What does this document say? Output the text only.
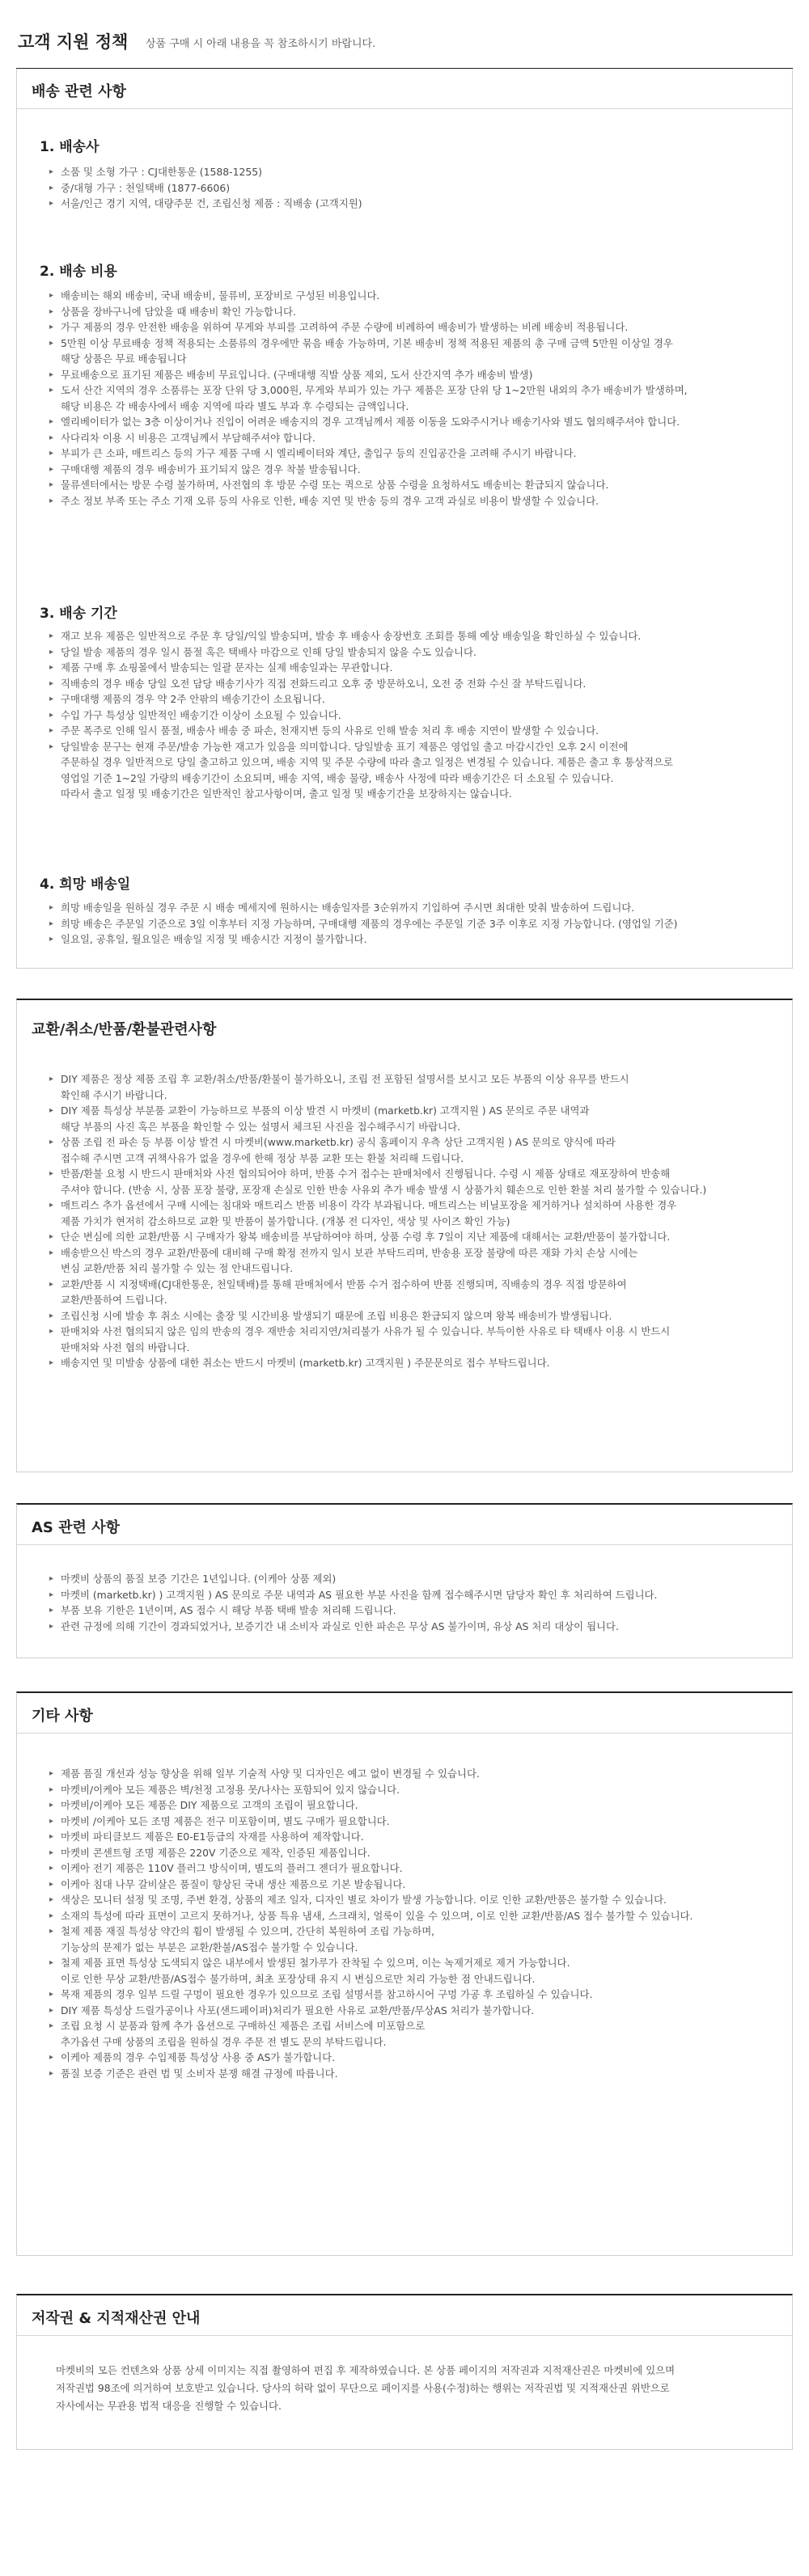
고객 지원 정책 상품 구매 시 아래 내용을 꼭 참조하시기 바랍니다.
배송 관련 사항
1. 배송사
▸ 소품 및 소형 가구 : CJ대한통운 (1588-1255)
▸ 중/대형 가구 : 천일택배 (1877-6606)
▸ 서울/인근 경기 지역, 대량주문 건, 조립신청 제품 : 직배송 (고객지원)
2. 배송 비용
▸ 배송비는 해외 배송비, 국내 배송비, 물류비, 포장비로 구성된 비용입니다.
▸ 상품을 장바구니에 담았을 때 배송비 확인 가능합니다.
▸ 가구 제품의 경우 안전한 배송을 위하여 무게와 부피를 고려하여 주문 수량에 비례하여 배송비가 발생하는 비례 배송비 적용됩니다.
▸ 5만원 이상 무료배송 정책 적용되는 소품류의 경우에만 묶음 배송 가능하며, 기본 배송비 정책 적용된 제품의 총 구매 금액 5만원 이상일 경우
해당 상품은 무료 배송됩니다
▸ 무료배송으로 표기된 제품은 배송비 무료입니다. (구매대행 직발 상품 제외, 도서 산간지역 추가 배송비 발생)
▸ 도서 산간 지역의 경우 소품류는 포장 단위 당 3,000원, 무게와 부피가 있는 가구 제품은 포장 단위 당 1~2만원 내외의 추가 배송비가 발생하며,
해당 비용은 각 배송사에서 배송 지역에 따라 별도 부과 후 수령되는 금액입니다.
▸ 엘리베이터가 없는 3층 이상이거나 진입이 어려운 배송지의 경우 고객님께서 제품 이동을 도와주시거나 배송기사와 별도 협의해주셔야 합니다.
▸ 사다리차 이용 시 비용은 고객님께서 부담해주셔야 합니다.
▸ 부피가 큰 소파, 매트리스 등의 가구 제품 구매 시 엘리베이터와 계단, 출입구 등의 진입공간을 고려해 주시기 바랍니다.
▸ 구매대행 제품의 경우 배송비가 표기되지 않은 경우 착불 발송됩니다.
▸ 물류센터에서는 방문 수령 불가하며, 사전협의 후 방문 수령 또는 퀵으로 상품 수령을 요청하셔도 배송비는 환급되지 않습니다.
▸ 주소 정보 부족 또는 주소 기재 오류 등의 사유로 인한, 배송 지연 및 반송 등의 경우 고객 과실로 비용이 발생할 수 있습니다.
3. 배송 기간
▸ 재고 보유 제품은 일반적으로 주문 후 당일/익일 발송되며, 발송 후 배송사 송장번호 조회를 통해 예상 배송일을 확인하실 수 있습니다.
▸ 당일 발송 제품의 경우 일시 품절 혹은 택배사 마감으로 인해 당일 발송되지 않을 수도 있습니다.
▸ 제품 구매 후 쇼핑몰에서 발송되는 일괄 문자는 실제 배송일과는 무관합니다.
▸ 직배송의 경우 배송 당일 오전 담당 배송기사가 직접 전화드리고 오후 중 방문하오니, 오전 중 전화 수신 잘 부탁드립니다.
▸ 구매대행 제품의 경우 약 2주 안팎의 배송기간이 소요됩니다.
▸ 수입 가구 특성상 일반적인 배송기간 이상이 소요될 수 있습니다.
▸ 주문 폭주로 인해 일시 품절, 배송사 배송 중 파손, 천재지변 등의 사유로 인해 발송 처리 후 배송 지연이 발생할 수 있습니다.
▸ 당일발송 문구는 현재 주문/발송 가능한 재고가 있음을 의미합니다. 당일발송 표기 제품은 영업일 출고 마감시간인 오후 2시 이전에
주문하실 경우 일반적으로 당일 출고하고 있으며, 배송 지역 및 주문 수량에 따라 출고 일정은 변경될 수 있습니다. 제품은 출고 후 통상적으로
영업일 기준 1~2일 가량의 배송기간이 소요되며, 배송 지역, 배송 물량, 배송사 사정에 따라 배송기간은 더 소요될 수 있습니다.
따라서 출고 일정 및 배송기간은 일반적인 참고사항이며, 출고 일정 및 배송기간을 보장하지는 않습니다.
4. 희망 배송일
▸ 희망 배송일을 원하실 경우 주문 시 배송 메세지에 원하시는 배송일자를 3순위까지 기입하여 주시면 최대한 맞춰 발송하여 드립니다.
▸ 희망 배송은 주문일 기준으로 3일 이후부터 지정 가능하며, 구매대행 제품의 경우에는 주문일 기준 3주 이후로 지정 가능합니다. (영업일 기준)
▸ 일요일, 공휴일, 월요일은 배송일 지정 및 배송시간 지정이 불가합니다.
교환/취소/반품/환불관련사항
▸ DIY 제품은 정상 제품 조립 후 교환/취소/반품/환불이 불가하오니, 조립 전 포함된 설명서를 보시고 모든 부품의 이상 유무를 반드시
확인해 주시기 바랍니다.
▸ DIY 제품 특성상 부분품 교환이 가능하므로 부품의 이상 발견 시 마켓비 (marketb.kr) 고객지원 ) AS 문의로 주문 내역과
해당 부품의 사진 혹은 부품을 확인할 수 있는 설명서 체크된 사진을 접수해주시기 바랍니다.
▸ 상품 조립 전 파손 등 부품 이상 발견 시 마켓비(www.marketb.kr) 공식 홈페이지 우측 상단 고객지원 ) AS 문의로 양식에 따라
접수해 주시면 고객 귀책사유가 없을 경우에 한해 정상 부품 교환 또는 환불 처리해 드립니다.
▸ 반품/환불 요청 시 반드시 판매처와 사전 협의되어야 하며, 반품 수거 접수는 판매처에서 진행됩니다. 수령 시 제품 상태로 재포장하여 반송해
주셔야 합니다. (반송 시, 상품 포장 불량, 포장재 손실로 인한 반송 사유외 추가 배송 발생 시 상품가치 훼손으로 인한 환불 처리 불가할 수 있습니다.)
▸ 매트리스 추가 옵션에서 구매 시에는 침대와 매트리스 반품 비용이 각각 부과됩니다. 매트리스는 비닐포장을 제거하거나 설치하여 사용한 경우
제품 가치가 현저히 감소하므로 교환 및 반품이 불가합니다. (개봉 전 디자인, 색상 및 사이즈 확인 가능)
▸ 단순 변심에 의한 교환/반품 시 구매자가 왕복 배송비를 부담하여야 하며, 상품 수령 후 7일이 지난 제품에 대해서는 교환/반품이 불가합니다.
▸ 배송받으신 박스의 경우 교환/반품에 대비해 구매 확정 전까지 일시 보관 부탁드리며, 반송용 포장 불량에 따른 재화 가치 손상 시에는
변심 교환/반품 처리 불가할 수 있는 점 안내드립니다.
▸ 교환/반품 시 지정택배(CJ대한통운, 천일택배)를 통해 판매처에서 반품 수거 접수하여 반품 진행되며, 직배송의 경우 직접 방문하여
교환/반품하여 드립니다.
▸ 조립신청 시에 발송 후 취소 시에는 출장 및 시간비용 발생되기 때문에 조립 비용은 환급되지 않으며 왕복 배송비가 발생됩니다.
▸ 판매처와 사전 협의되지 않은 임의 반송의 경우 재반송 처리지연/처리불가 사유가 될 수 있습니다. 부득이한 사유로 타 택배사 이용 시 반드시
판매처와 사전 협의 바랍니다.
▸ 배송지연 및 미발송 상품에 대한 취소는 반드시 마켓비 (marketb.kr) 고객지원 ) 주문문의로 접수 부탁드립니다.
AS 관련 사항
▸ 마켓비 상품의 품질 보증 기간은 1년입니다. (이케아 상품 제외)
▸ 마켓비 (marketb.kr) ) 고객지원 ) AS 문의로 주문 내역과 AS 필요한 부분 사진을 함께 접수해주시면 담당자 확인 후 처리하여 드립니다.
▸ 부품 보유 기한은 1년이며, AS 접수 시 해당 부품 택배 발송 처리해 드립니다.
▸ 관련 규정에 의해 기간이 경과되었거나, 보증기간 내 소비자 과실로 인한 파손은 무상 AS 불가이며, 유상 AS 처리 대상이 됩니다.
기타 사항
▸ 제품 품질 개선과 성능 향상을 위해 일부 기술적 사양 및 디자인은 예고 없이 변경될 수 있습니다.
▸ 마켓비/이케아 모든 제품은 벽/천정 고정용 못/나사는 포함되어 있지 않습니다.
▸ 마켓비/이케아 모든 제품은 DIY 제품으로 고객의 조립이 필요합니다.
▸ 마켓비 /이케아 모든 조명 제품은 전구 미포함이며, 별도 구매가 필요합니다.
▸ 마켓비 파티클보드 제품은 E0-E1등급의 자재를 사용하여 제작합니다.
▸ 마켓비 콘센트형 조명 제품은 220V 기준으로 제작, 인증된 제품입니다.
▸ 이케아 전기 제품은 110V 플러그 방식이며, 별도의 플러그 젠더가 필요합니다.
▸ 이케아 침대 나무 갈비살은 품질이 향상된 국내 생산 제품으로 기본 발송됩니다.
▸ 색상은 모니터 설정 및 조명, 주변 환경, 상품의 제조 일자, 디자인 별로 차이가 발생 가능합니다. 이로 인한 교환/반품은 불가할 수 있습니다.
▸ 소재의 특성에 따라 표면이 고르지 못하거나, 상품 특유 냄새, 스크래치, 얼룩이 있을 수 있으며, 이로 인한 교환/반품/AS 접수 불가할 수 있습니다.
▸ 철제 제품 재질 특성상 약간의 휨이 발생될 수 있으며, 간단히 복원하여 조립 가능하며,
기능상의 문제가 없는 부분은 교환/환불/AS접수 불가할 수 있습니다.
▸ 철제 제품 표면 특성상 도색되지 않은 내부에서 발생된 철가루가 잔착될 수 있으며, 이는 녹제거제로 제거 가능합니다.
이로 인한 무상 교환/반품/AS접수 불가하며, 최초 포장상태 유지 시 변심으로만 처리 가능한 점 안내드립니다.
▸ 목재 제품의 경우 일부 드릴 구멍이 필요한 경우가 있으므로 조립 설명서를 참고하시어 구멍 가공 후 조립하실 수 있습니다.
▸ DIY 제품 특성상 드릴가공이나 사포(샌드페이퍼)처리가 필요한 사유로 교환/반품/무상AS 처리가 불가합니다.
▸ 조립 요청 시 분품과 함께 추가 옵션으로 구매하신 제품은 조립 서비스에 미포함으로
추가옵션 구매 상품의 조립을 원하실 경우 주문 전 별도 문의 부탁드립니다.
▸ 이케아 제품의 경우 수입제품 특성상 사용 중 AS가 불가합니다.
▸ 품질 보증 기준은 관련 법 및 소비자 분쟁 해결 규정에 따릅니다.
저작권 & 지적재산권 안내
마켓비의 모든 컨텐츠와 상품 상세 이미지는 직접 촬영하여 편집 후 제작하였습니다. 본 상품 페이지의 저작권과 지적재산권은 마켓비에 있으며
저작권법 98조에 의거하여 보호받고 있습니다. 당사의 허락 없이 무단으로 페이지를 사용(수정)하는 행위는 저작권법 및 지적재산권 위반으로
자사에서는 무관용 법적 대응을 진행할 수 있습니다.
